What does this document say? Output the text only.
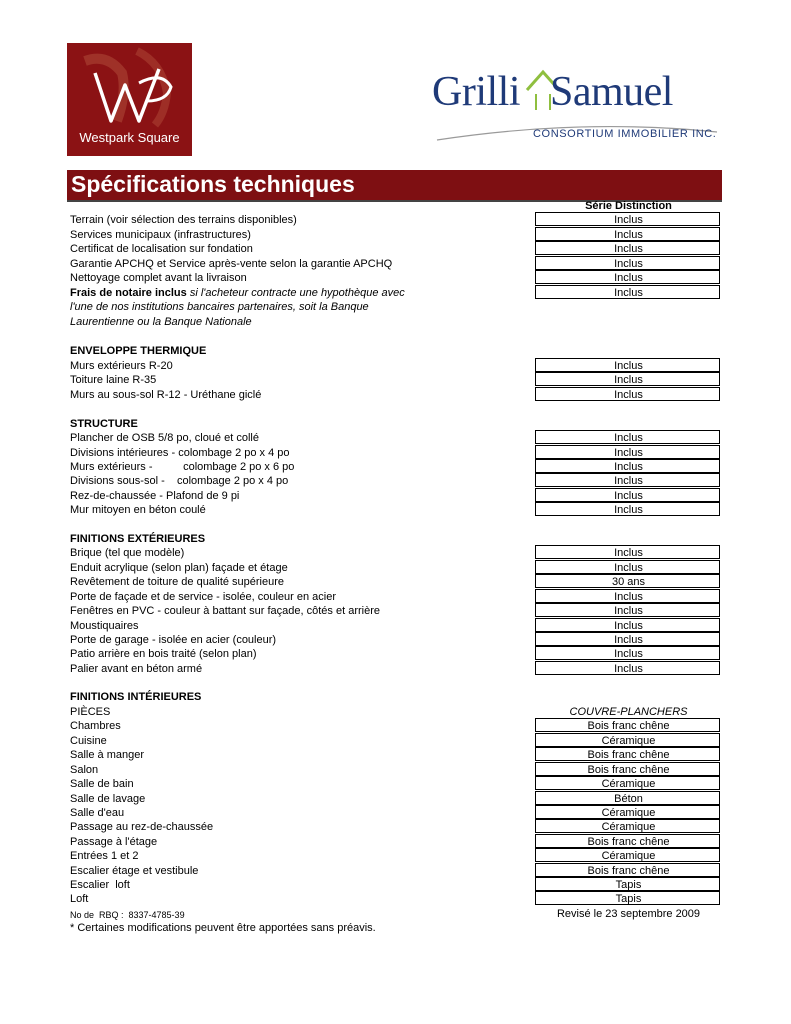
Westpark Square
Grilli Samuel
CONSORTIUM IMMOBILIER INC.
Spécifications techniques
Série Distinction
Terrain (voir sélection des terrains disponibles)	Inclus
Services municipaux (infrastructures)	Inclus
Certificat de localisation sur fondation	Inclus
Garantie APCHQ et Service après-vente selon la garantie APCHQ	Inclus
Nettoyage complet avant la livraison	Inclus
Frais de notaire inclus si l'acheteur contracte une hypothèque avec	Inclus
l'une de nos institutions bancaires partenaires, soit la Banque
Laurentienne ou la Banque Nationale
ENVELOPPE THERMIQUE
Murs extérieurs R-20	Inclus
Toiture laine R-35	Inclus
Murs au sous-sol R-12 - Uréthane giclé	Inclus
STRUCTURE
Plancher de OSB 5/8 po, cloué et collé	Inclus
Divisions intérieures - colombage 2 po x 4 po	Inclus
Murs extérieurs -          colombage 2 po x 6 po	Inclus
Divisions sous-sol -    colombage 2 po x 4 po	Inclus
Rez-de-chaussée - Plafond de 9 pi	Inclus
Mur mitoyen en béton coulé	Inclus
FINITIONS EXTÉRIEURES
Brique (tel que modèle)	Inclus
Enduit acrylique (selon plan) façade et étage	Inclus
Revêtement de toiture de qualité supérieure	30 ans
Porte de façade et de service - isolée, couleur en acier	Inclus
Fenêtres en PVC - couleur à battant sur façade, côtés et arrière	Inclus
Moustiquaires	Inclus
Porte de garage - isolée en acier (couleur)	Inclus
Patio arrière en bois traité (selon plan)	Inclus
Palier avant en béton armé	Inclus
FINITIONS INTÉRIEURES
PIÈCES	COUVRE-PLANCHERS
Chambres	Bois franc chêne
Cuisine	Céramique
Salle à manger	Bois franc chêne
Salon	Bois franc chêne
Salle de bain	Céramique
Salle de lavage	Béton
Salle d'eau	Céramique
Passage au rez-de-chaussée	Céramique
Passage à l'étage	Bois franc chêne
Entrées 1 et 2	Céramique
Escalier étage et vestibule	Bois franc chêne
Escalier  loft	Tapis
Loft	Tapis
No de  RBQ :  8337-4785-39	Revisé le 23 septembre 2009
* Certaines modifications peuvent être apportées sans préavis.
